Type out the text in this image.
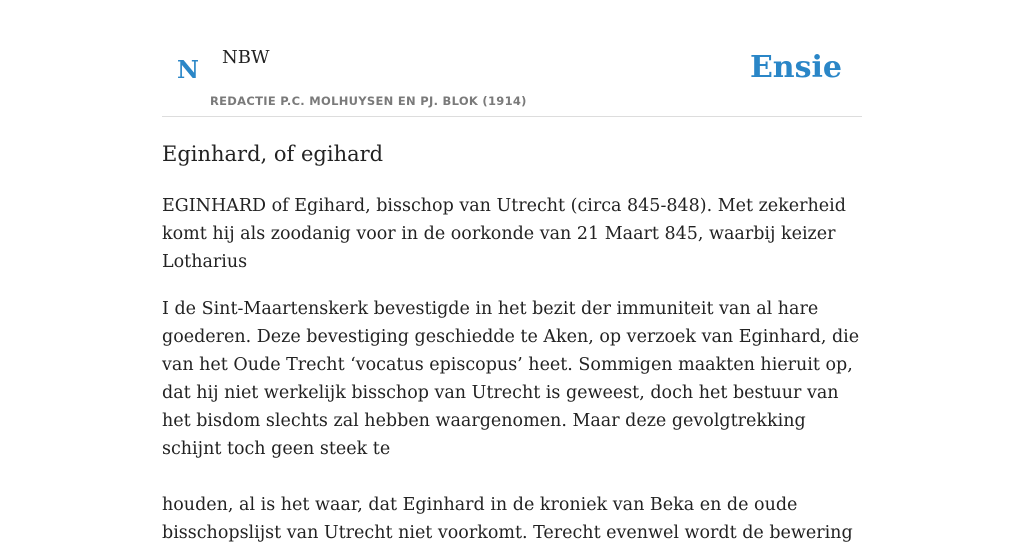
N NBW
REDACTIE P.C. MOLHUYSEN EN PJ. BLOK (1914)
Ensie
Eginhard, of egihard

EGINHARD of Egihard, bisschop van Utrecht (circa 845-848). Met zekerheid komt hij als zoodanig voor in de oorkonde van 21 Maart 845, waarbij keizer Lotharius

I de Sint-Maartenskerk bevestigde in het bezit der immuniteit van al hare goederen. Deze bevestiging geschiedde te Aken, op verzoek van Eginhard, die van het Oude Trecht ‘vocatus episcopus’ heet. Sommigen maakten hieruit op, dat hij niet werkelijk bisschop van Utrecht is geweest, doch het bestuur van het bisdom slechts zal hebben waargenomen. Maar deze gevolgtrekking schijnt toch geen steek te

houden, al is het waar, dat Eginhard in de kroniek van Beka en de oude bisschopslijst van Utrecht niet voorkomt. Terecht evenwel wordt de bewering
